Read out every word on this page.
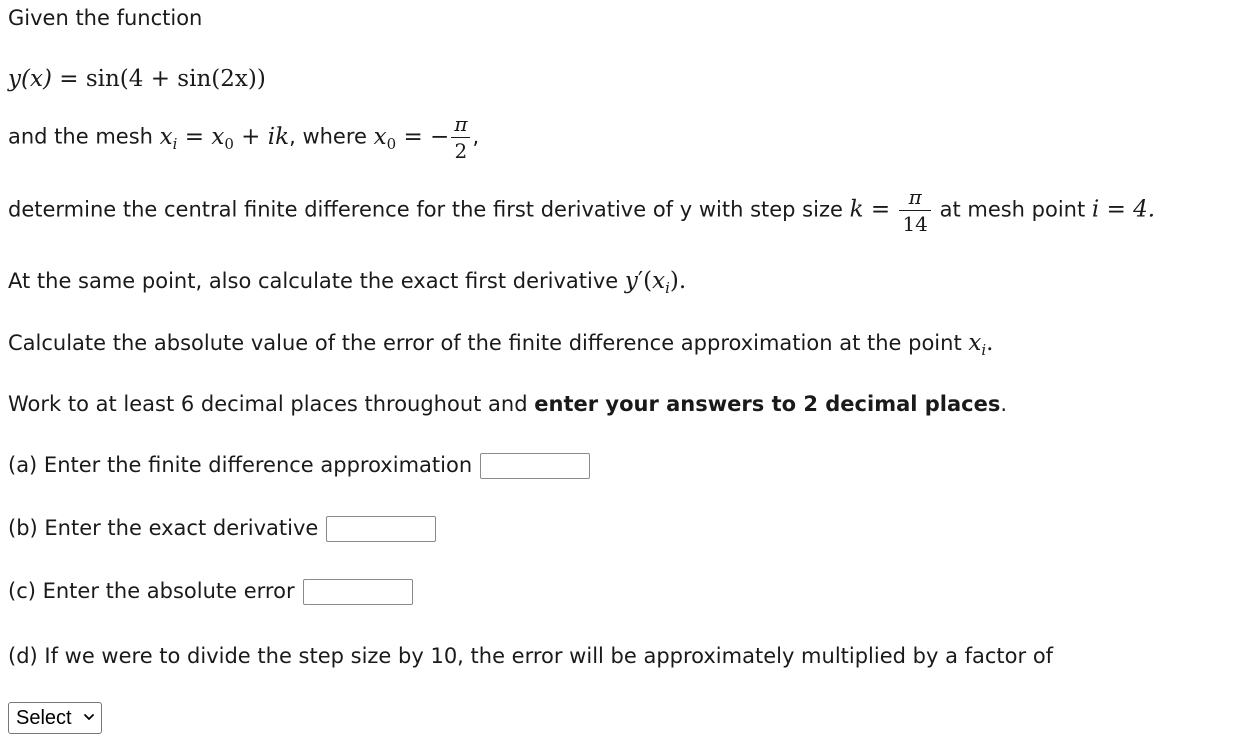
Given the function
y(x) = sin(4 + sin(2x))
and the mesh $x_i = x_0$ + ik, where $x_0$ = − $\frac{\pi}{2}$ ,
determine the central finite difference for the first derivative of y with step size $k = \frac{\pi}{14}$ at mesh point i = 4.
At the same point, also calculate the exact first derivative $y'(x_i)$.
Calculate the absolute value of the error of the finite difference approximation at the point $x_i$.
Work to at least 6 decimal places throughout and enter your answers to 2 decimal places.
(a) Enter the finite difference approximation
(b) Enter the exact derivative
(c) Enter the absolute error
(d) If we were to divide the step size by 10, the error will be approximately multiplied by a factor of
Select
